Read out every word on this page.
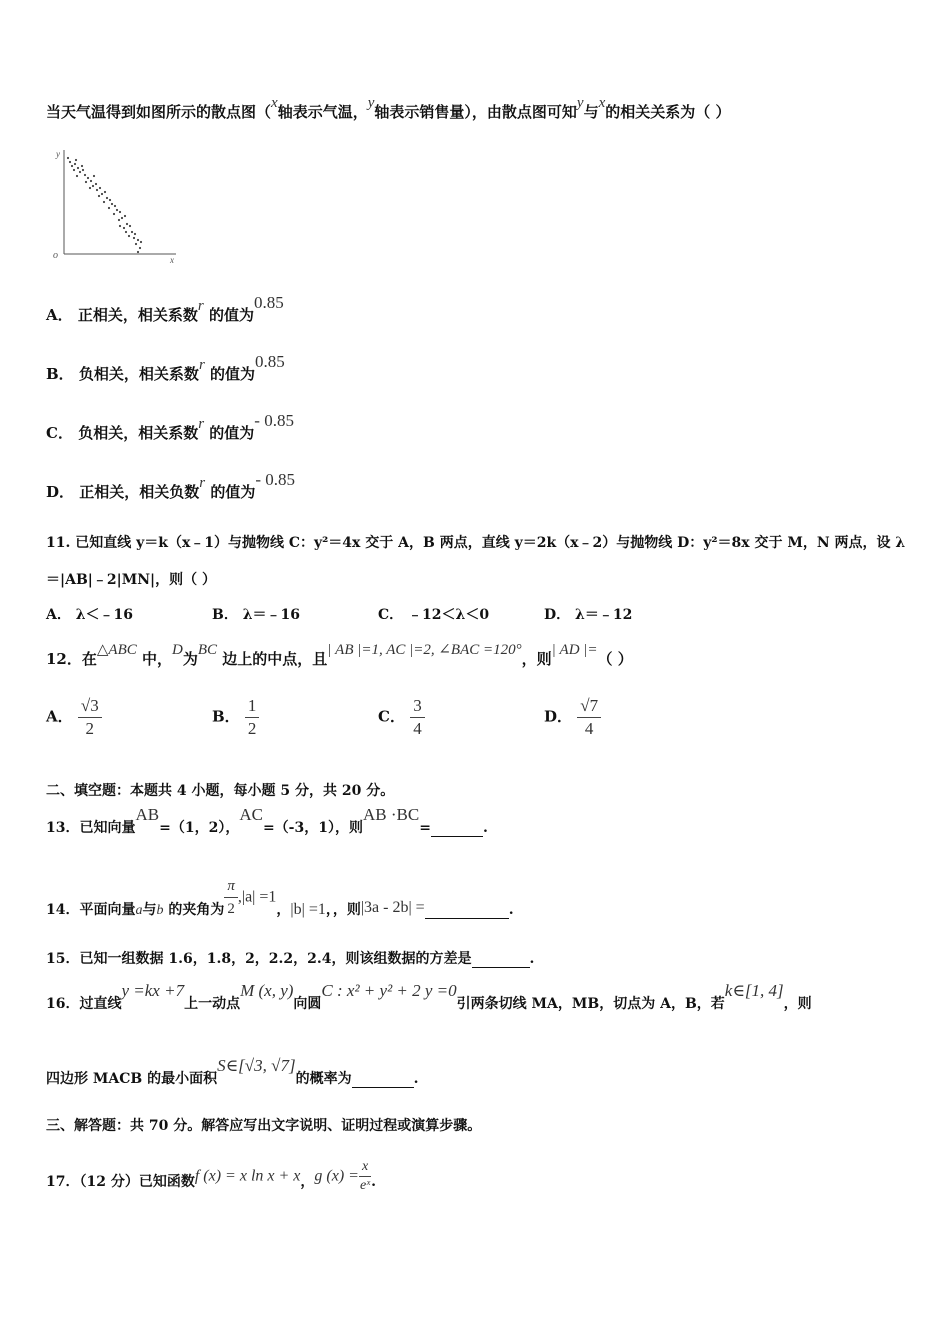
当天气温得到如图所示的散点图（x轴表示气温，y轴表示销售量），由散点图可知y与x的相关关系为（ ）
y
x
o
A． 正相关，相关系数r 的值为0.85
B． 负相关，相关系数r 的值为0.85
C． 负相关，相关系数r 的值为- 0.85
D． 正相关，相关负数r 的值为- 0.85
11. 已知直线 y＝k（x﹣1）与抛物线 C：y²＝4x 交于 A，B 两点，直线 y＝2k（x﹣2）与抛物线 D：y²＝8x 交于 M，N 两点，设 λ
＝|AB|﹣2|MN|，则（ ）
A． λ＜﹣16	B． λ＝﹣16	C． ﹣12＜λ＜0	D． λ＝﹣12
12．在△ABC 中，D为BC 边上的中点，且| AB |=1, AC |=2, ∠BAC =120°，则| AD |=（ ）
A． $\frac{√3}{2}$	B． $\frac{1}{2}$	C． $\frac{3}{4}$	D． $\frac{√7}{4}$
二、填空题：本题共 4 小题，每小题 5 分，共 20 分。
13．已知向量AB=（1，2），AC=（-3，1），则AB ·BC=	.
14．平面向量a与b 的夹角为 $\frac{\pi}{2} ,|a| =1$，|b| =1，，则|3a - 2b| =	.
15．已知一组数据 1.6，1.8，2，2.2，2.4，则该组数据的方差是	.
16．过直线y =kx +7上一动点M (x, y)向圆C : x² + y² + 2 y =0引两条切线 MA，MB，切点为 A，B，若k∈[1, 4]，则
四边形 MACB 的最小面积S∈[√3, √7]的概率为	.
三、解答题：共 70 分。解答应写出文字说明、证明过程或演算步骤。
17．（12 分）已知函数f (x) = x ln x + x，g $(x) = \frac{x}{\text{eˣ}}$ .
